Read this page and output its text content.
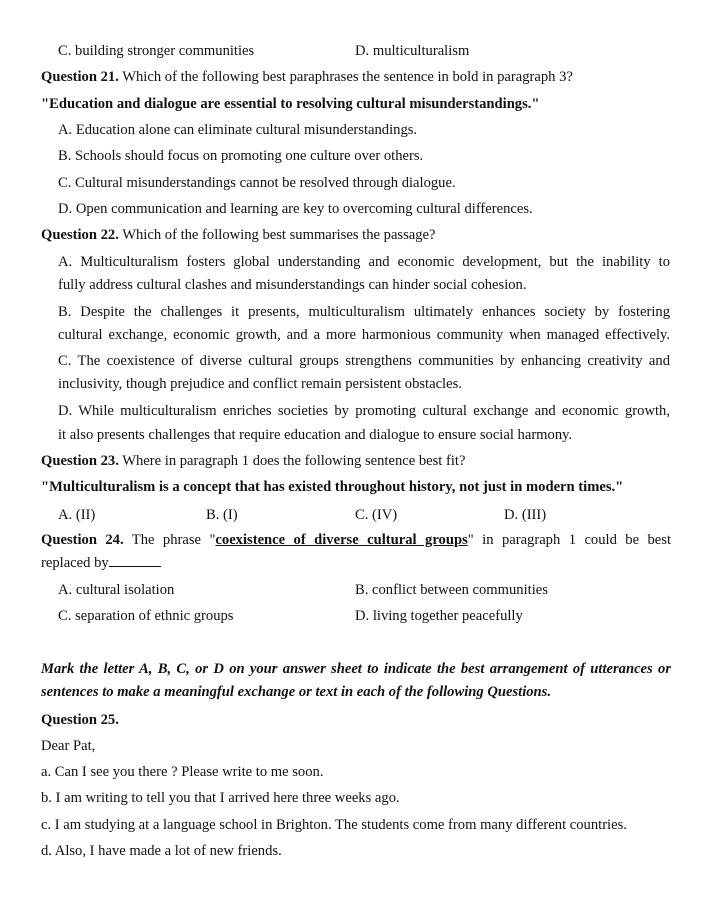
C. building stronger communities	D. multiculturalism
Question 21. Which of the following best paraphrases the sentence in bold in paragraph 3?
"Education and dialogue are essential to resolving cultural misunderstandings."
A. Education alone can eliminate cultural misunderstandings.
B. Schools should focus on promoting one culture over others.
C. Cultural misunderstandings cannot be resolved through dialogue.
D. Open communication and learning are key to overcoming cultural differences.
Question 22. Which of the following best summarises the passage?
A. Multiculturalism fosters global understanding and economic development, but the inability to
fully address cultural clashes and misunderstandings can hinder social cohesion.
B. Despite the challenges it presents, multiculturalism ultimately enhances society by fostering
cultural exchange, economic growth, and a more harmonious community when managed effectively.
C. The coexistence of diverse cultural groups strengthens communities by enhancing creativity and
inclusivity, though prejudice and conflict remain persistent obstacles.
D. While multiculturalism enriches societies by promoting cultural exchange and economic growth,
it also presents challenges that require education and dialogue to ensure social harmony.
Question 23. Where in paragraph 1 does the following sentence best fit?
"Multiculturalism is a concept that has existed throughout history, not just in modern times."
A. (II)	B. (I)	C. (IV)	D. (III)
Question 24. The phrase "coexistence of diverse cultural groups" in paragraph 1 could be best
replaced by
A. cultural isolation	B. conflict between communities
C. separation of ethnic groups	D. living together peacefully
Mark the letter A, B, C, or D on your answer sheet to indicate the best arrangement of utterances or
sentences to make a meaningful exchange or text in each of the following Questions.
Question 25.
Dear Pat,
a. Can I see you there ? Please write to me soon.
b. I am writing to tell you that I arrived here three weeks ago.
c. I am studying at a language school in Brighton. The students come from many different countries.
d. Also, I have made a lot of new friends.
